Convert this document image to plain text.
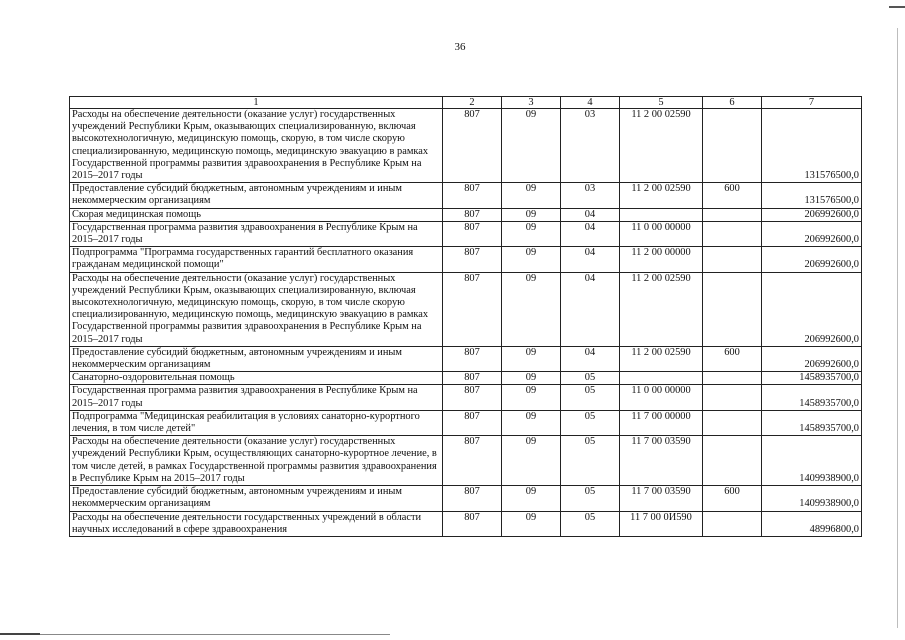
36
1	2	3	4	5	6	7
Расходы на обеспечение деятельности (оказание услуг) государственных учреждений Республики Крым, оказывающих специализированную, включая высокотехнологичную, медицинскую помощь, скорую, в том числе скорую специализированную, медицинскую помощь, медицинскую эвакуацию в рамках Государственной программы развития здравоохранения в Республике Крым на 2015–2017 годы	807	09	03	11 2 00 02590		131576500,0
Предоставление субсидий бюджетным, автономным учреждениям и иным некоммерческим организациям	807	09	03	11 2 00 02590	600	131576500,0
Скорая медицинская помощь	807	09	04			206992600,0
Государственная программа развития здравоохранения в Республике Крым на 2015–2017 годы	807	09	04	11 0 00 00000		206992600,0
Подпрограмма "Программа государственных гарантий бесплатного оказания гражданам медицинской помощи"	807	09	04	11 2 00 00000		206992600,0
Расходы на обеспечение деятельности (оказание услуг) государственных учреждений Республики Крым, оказывающих специализированную, включая высокотехнологичную, медицинскую помощь, скорую, в том числе скорую специализированную, медицинскую помощь, медицинскую эвакуацию в рамках Государственной программы развития здравоохранения в Республике Крым на 2015–2017 годы	807	09	04	11 2 00 02590		206992600,0
Предоставление субсидий бюджетным, автономным учреждениям и иным некоммерческим организациям	807	09	04	11 2 00 02590	600	206992600,0
Санаторно-оздоровительная помощь	807	09	05			1458935700,0
Государственная программа развития здравоохранения в Республике Крым на 2015–2017 годы	807	09	05	11 0 00 00000		1458935700,0
Подпрограмма "Медицинская реабилитация в условиях санаторно-курортного лечения, в том числе детей"	807	09	05	11 7 00 00000		1458935700,0
Расходы на обеспечение деятельности (оказание услуг) государственных учреждений Республики Крым, осуществляющих санаторно-курортное лечение, в том числе детей, в рамках Государственной программы развития здравоохранения в Республике Крым на 2015–2017 годы	807	09	05	11 7 00 03590		1409938900,0
Предоставление субсидий бюджетным, автономным учреждениям и иным некоммерческим организациям	807	09	05	11 7 00 03590	600	1409938900,0
Расходы на обеспечение деятельности государственных учреждений в области научных исследований в сфере здравоохранения	807	09	05	11 7 00 0И590		48996800,0
